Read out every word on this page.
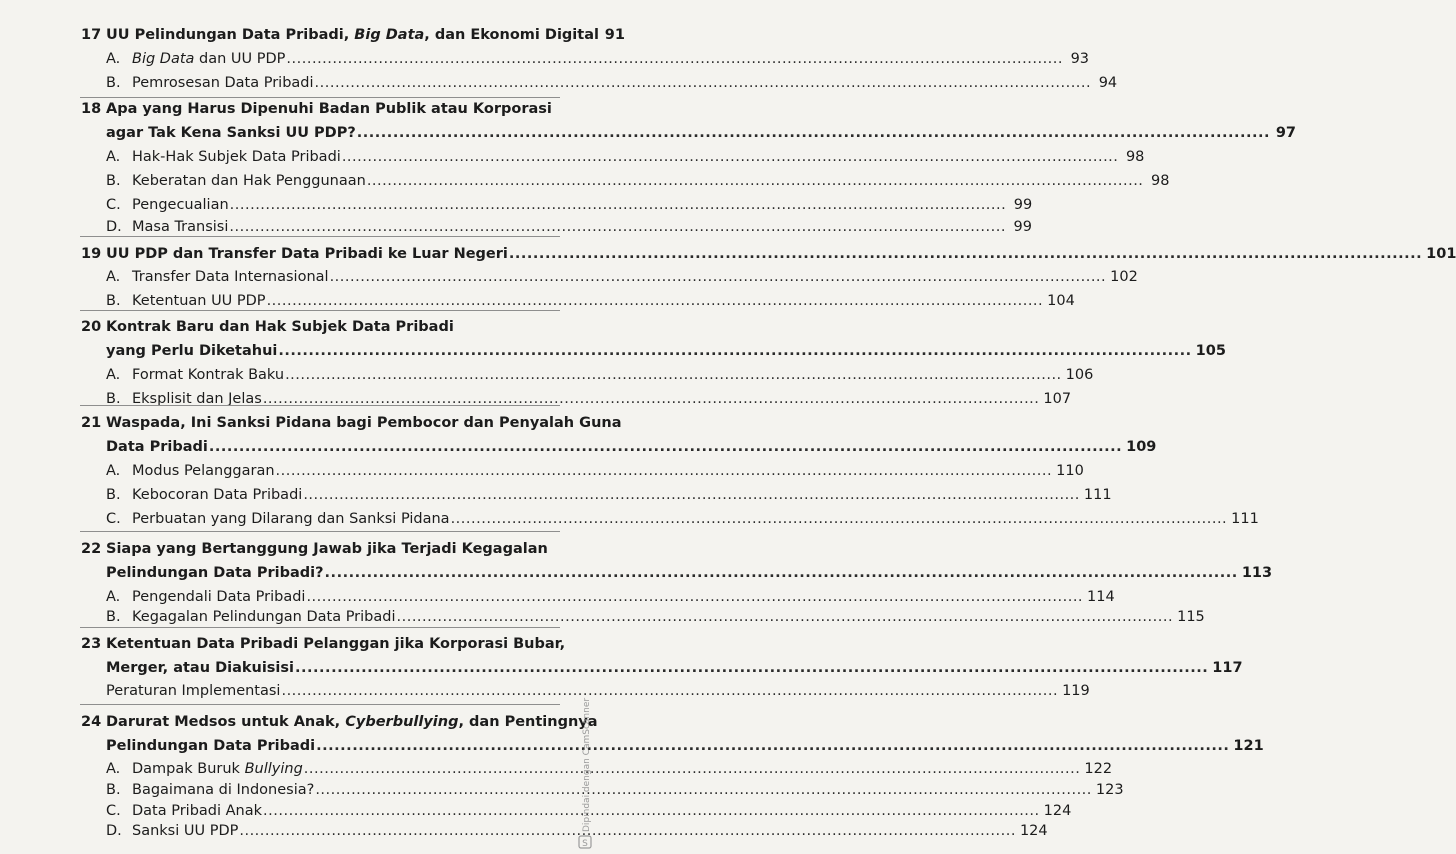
17 UU Pelindungan Data Pribadi, Big Data, dan Ekonomi Digital 91
A. Big Data dan UU PDP .....	93
B. Pemrosesan Data Pribadi .....	94
18 Apa yang Harus Dipenuhi Badan Publik atau Korporasi
agar Tak Kena Sanksi UU PDP? .....	97
A. Hak-Hak Subjek Data Pribadi .....	98
B. Keberatan dan Hak Penggunaan .....	98
C. Pengecualian .....	99
D. Masa Transisi .....	99
19 UU PDP dan Transfer Data Pribadi ke Luar Negeri .....	101
A. Transfer Data Internasional .....	102
B. Ketentuan UU PDP .....	104
20 Kontrak Baru dan Hak Subjek Data Pribadi
yang Perlu Diketahui .....	105
A. Format Kontrak Baku .....	106
B. Eksplisit dan Jelas .....	107
21 Waspada, Ini Sanksi Pidana bagi Pembocor dan Penyalah Guna
Data Pribadi .....	109
A. Modus Pelanggaran .....	110
B. Kebocoran Data Pribadi .....	111
C. Perbuatan yang Dilarang dan Sanksi Pidana .....	111
22 Siapa yang Bertanggung Jawab jika Terjadi Kegagalan
Pelindungan Data Pribadi? .....	113
A. Pengendali Data Pribadi .....	114
B. Kegagalan Pelindungan Data Pribadi .....	115
23 Ketentuan Data Pribadi Pelanggan jika Korporasi Bubar,
Merger, atau Diakuisisi .....	117
Peraturan Implementasi .....	119
24 Darurat Medsos untuk Anak, Cyberbullying, dan Pentingnya
Pelindungan Data Pribadi .....	121
A. Dampak Buruk Bullying .....	122
B. Bagaimana di Indonesia? .....	123
C. Data Pribadi Anak .....	124
D. Sanksi UU PDP .....	124
S
Dipindai dengan CamScanner
